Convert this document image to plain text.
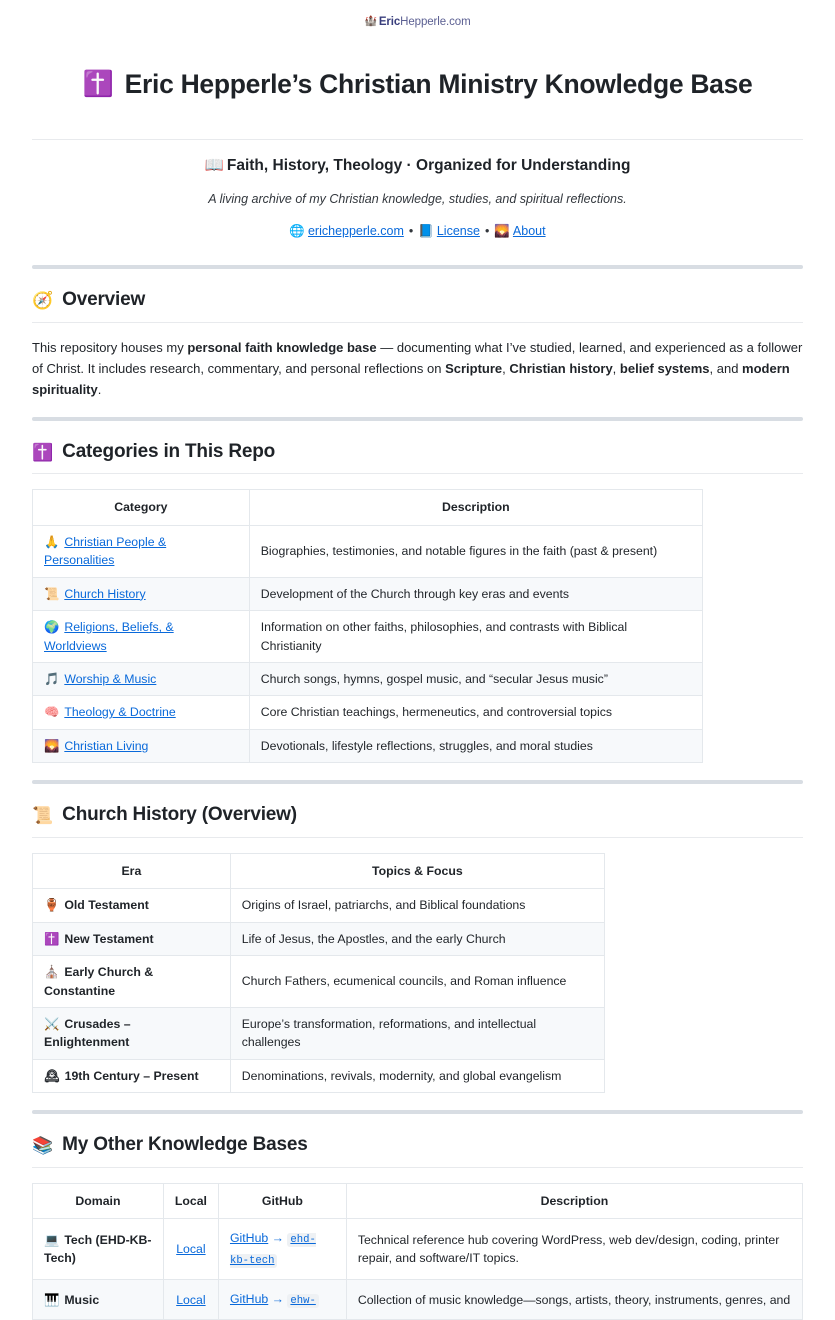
🏰 EricHepperle.com
✝️ Eric Hepperle’s Christian Ministry Knowledge Base
📖 Faith, History, Theology · Organized for Understanding
A living archive of my Christian knowledge, studies, and spiritual reflections.
🌐 erichepperle.com • 📘 License • 🌄 About
🧭 Overview

This repository houses my personal faith knowledge base — documenting what I’ve studied, learned, and experienced as a follower of Christ. It includes research, commentary, and personal reflections on Scripture, Christian history, belief systems, and modern spirituality.

✝️ Categories in This Repo
Category	Description
🙏 Christian People & Personalities	Biographies, testimonies, and notable figures in the faith (past & present)
📜 Church History	Development of the Church through key eras and events
🌍 Religions, Beliefs, & Worldviews	Information on other faiths, philosophies, and contrasts with Biblical Christianity
🎵 Worship & Music	Church songs, hymns, gospel music, and “secular Jesus music”
🧠 Theology & Doctrine	Core Christian teachings, hermeneutics, and controversial topics
🌄 Christian Living	Devotionals, lifestyle reflections, struggles, and moral studies
📜 Church History (Overview)
Era	Topics & Focus
🏺 Old Testament	Origins of Israel, patriarchs, and Biblical foundations
✝️ New Testament	Life of Jesus, the Apostles, and the early Church
⛪ Early Church & Constantine	Church Fathers, ecumenical councils, and Roman influence
⚔️ Crusades – Enlightenment	Europe’s transformation, reformations, and intellectual challenges
🕰 19th Century – Present	Denominations, revivals, modernity, and global evangelism
📚 My Other Knowledge Bases
Domain	Local	GitHub	Description
💻 Tech (EHD-KB-Tech)	Local	GitHub → ehd-kb-tech	Technical reference hub covering WordPress, web dev/design, coding, printer repair, and software/IT topics.
🎹 Music	Local	GitHub → ehw-	Collection of music knowledge—songs, artists, theory, instruments, genres, and
